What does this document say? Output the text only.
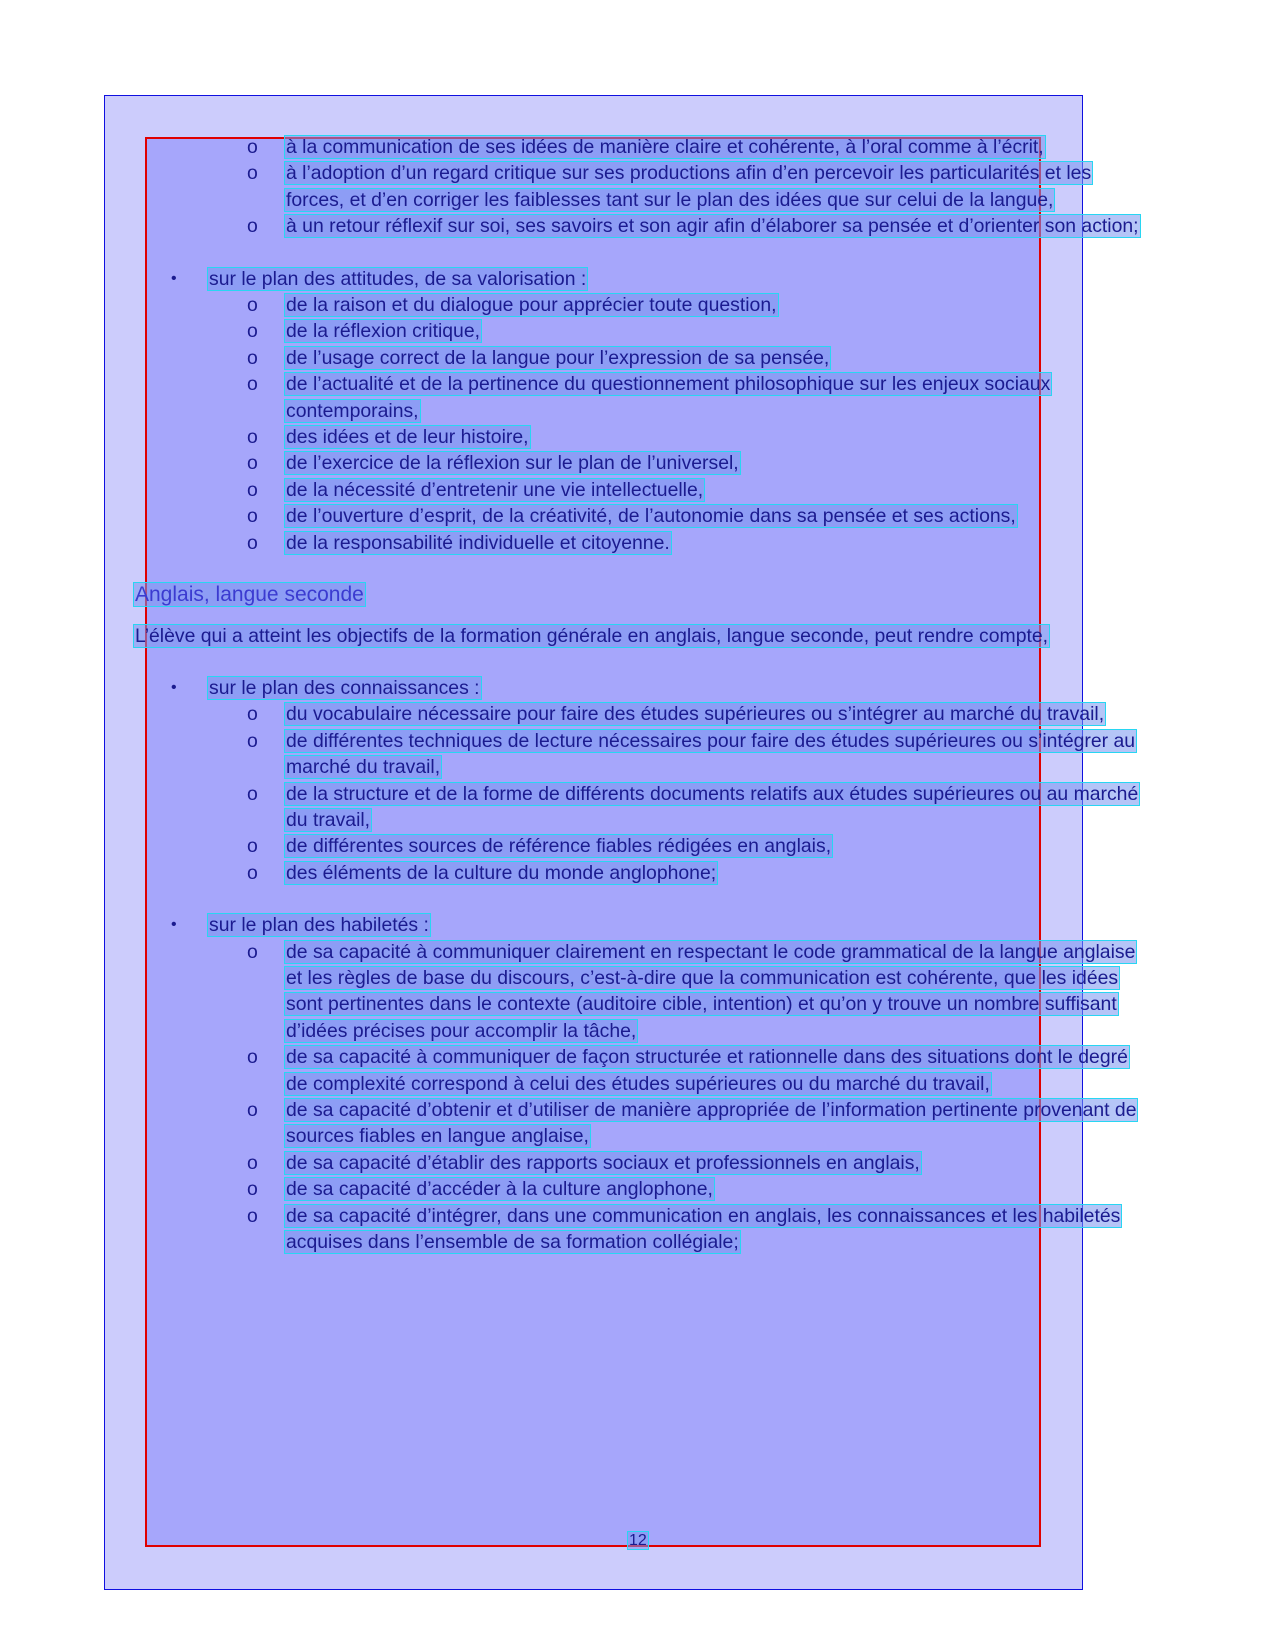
o à la communication de ses idées de manière claire et cohérente, à l’oral comme à l’écrit,
o à l’adoption d’un regard critique sur ses productions afin d’en percevoir les particularités et les forces, et d’en corriger les faiblesses tant sur le plan des idées que sur celui de la langue,
o à un retour réflexif sur soi, ses savoirs et son agir afin d’élaborer sa pensée et d’orienter son action;

• sur le plan des attitudes, de sa valorisation :

o de la raison et du dialogue pour apprécier toute question,
o de la réflexion critique,
o de l’usage correct de la langue pour l’expression de sa pensée,
o de l’actualité et de la pertinence du questionnement philosophique sur les enjeux sociaux contemporains,
o des idées et de leur histoire,
o de l’exercice de la réflexion sur le plan de l’universel,
o de la nécessité d’entretenir une vie intellectuelle,
o de l’ouverture d’esprit, de la créativité, de l’autonomie dans sa pensée et ses actions,
o de la responsabilité individuelle et citoyenne.

Anglais, langue seconde

L’élève qui a atteint les objectifs de la formation générale en anglais, langue seconde, peut rendre compte,

• sur le plan des connaissances :

o du vocabulaire nécessaire pour faire des études supérieures ou s’intégrer au marché du travail,
o de différentes techniques de lecture nécessaires pour faire des études supérieures ou s’intégrer au marché du travail,
o de la structure et de la forme de différents documents relatifs aux études supérieures ou au marché du travail,
o de différentes sources de référence fiables rédigées en anglais,
o des éléments de la culture du monde anglophone;

• sur le plan des habiletés :

o de sa capacité à communiquer clairement en respectant le code grammatical de la langue anglaise et les règles de base du discours, c’est-à-dire que la communication est cohérente, que les idées sont pertinentes dans le contexte (auditoire cible, intention) et qu’on y trouve un nombre suffisant d’idées précises pour accomplir la tâche,
o de sa capacité à communiquer de façon structurée et rationnelle dans des situations dont le degré de complexité correspond à celui des études supérieures ou du marché du travail,
o de sa capacité d’obtenir et d’utiliser de manière appropriée de l’information pertinente provenant de sources fiables en langue anglaise,
o de sa capacité d’établir des rapports sociaux et professionnels en anglais,
o de sa capacité d’accéder à la culture anglophone,
o de sa capacité d’intégrer, dans une communication en anglais, les connaissances et les habiletés acquises dans l’ensemble de sa formation collégiale;
12
